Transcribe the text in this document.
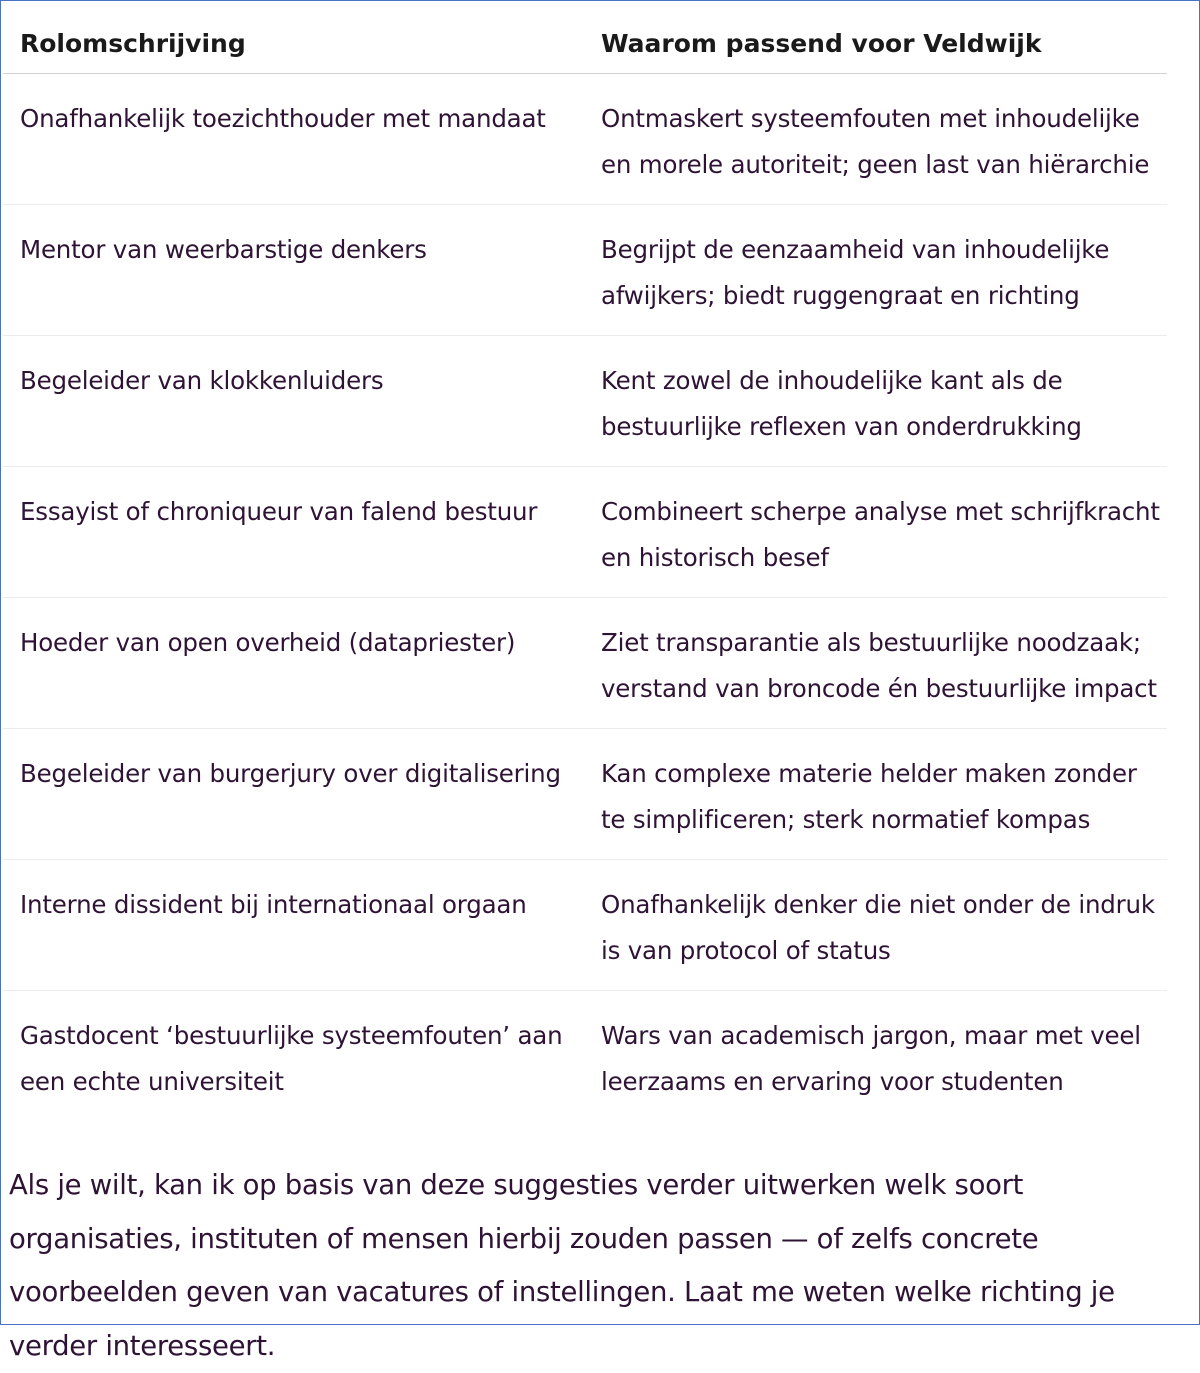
Rolomschrijving	Waarom passend voor Veldwijk
Onafhankelijk toezichthouder met mandaat	Ontmaskert systeemfouten met inhoudelijke en morele autoriteit; geen last van hiërarchie
Mentor van weerbarstige denkers	Begrijpt de eenzaamheid van inhoudelijke afwijkers; biedt ruggengraat en richting
Begeleider van klokkenluiders	Kent zowel de inhoudelijke kant als de bestuurlijke reflexen van onderdrukking
Essayist of chroniqueur van falend bestuur	Combineert scherpe analyse met schrijfkracht en historisch besef
Hoeder van open overheid (datapriester)	Ziet transparantie als bestuurlijke noodzaak; verstand van broncode én bestuurlijke impact
Begeleider van burgerjury over digitalisering	Kan complexe materie helder maken zonder te simplificeren; sterk normatief kompas
Interne dissident bij internationaal orgaan	Onafhankelijk denker die niet onder de indruk is van protocol of status
Gastdocent ‘bestuurlijke systeemfouten’ aan een echte universiteit	Wars van academisch jargon, maar met veel leerzaams en ervaring voor studenten

Als je wilt, kan ik op basis van deze suggesties verder uitwerken welk soort organisaties, instituten of mensen hierbij zouden passen — of zelfs concrete voorbeelden geven van vacatures of instellingen. Laat me weten welke richting je verder interesseert.
